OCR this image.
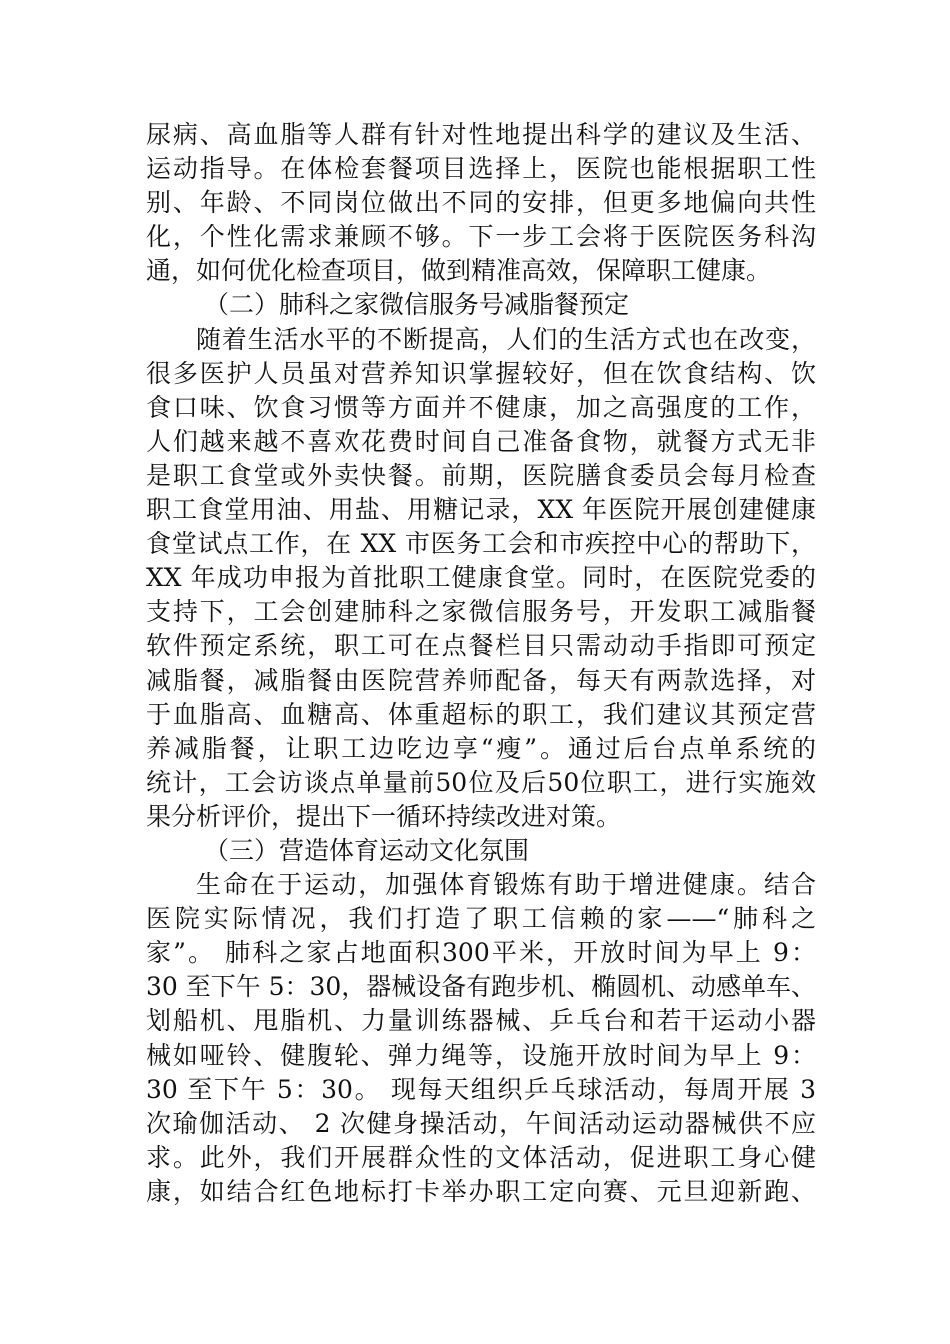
尿病、高血脂等人群有针对性地提出科学的建议及生活、
运动指导。在体检套餐项目选择上，医院也能根据职工性
别、年龄、不同岗位做出不同的安排，但更多地偏向共性
化，个性化需求兼顾不够。下一步工会将于医院医务科沟
通，如何优化检查项目，做到精准高效，保障职工健康。
（二）肺科之家微信服务号减脂餐预定
随着生活水平的不断提高，人们的生活方式也在改变，
很多医护人员虽对营养知识掌握较好，但在饮食结构、饮
食口味、饮食习惯等方面并不健康，加之高强度的工作，
人们越来越不喜欢花费时间自己准备食物，就餐方式无非
是职工食堂或外卖快餐。前期，医院膳食委员会每月检查
职工食堂用油、用盐、用糖记录，XX 年医院开展创建健康
食堂试点工作，在 XX 市医务工会和市疾控中心的帮助下，
XX 年成功申报为首批职工健康食堂。同时，在医院党委的
支持下，工会创建肺科之家微信服务号，开发职工减脂餐
软件预定系统，职工可在点餐栏目只需动动手指即可预定
减脂餐，减脂餐由医院营养师配备，每天有两款选择，对
于血脂高、血糖高、体重超标的职工，我们建议其预定营
养减脂餐，让职工边吃边享“瘦”。通过后台点单系统的
统计，工会访谈点单量前50位及后50位职工，进行实施效
果分析评价，提出下一循环持续改进对策。
（三）营造体育运动文化氛围
生命在于运动，加强体育锻炼有助于增进健康。结合
医院实际情况，我们打造了职工信赖的家——“肺科之
家”。 肺科之家占地面积300平米，开放时间为早上 9：
30 至下午 5：30，器械设备有跑步机、椭圆机、动感单车、
划船机、甩脂机、力量训练器械、乒乓台和若干运动小器
械如哑铃、健腹轮、弹力绳等，设施开放时间为早上 9：
30 至下午 5：30。 现每天组织乒乓球活动，每周开展 3
次瑜伽活动、 2 次健身操活动，午间活动运动器械供不应
求。此外，我们开展群众性的文体活动，促进职工身心健
康，如结合红色地标打卡举办职工定向赛、元旦迎新跑、
